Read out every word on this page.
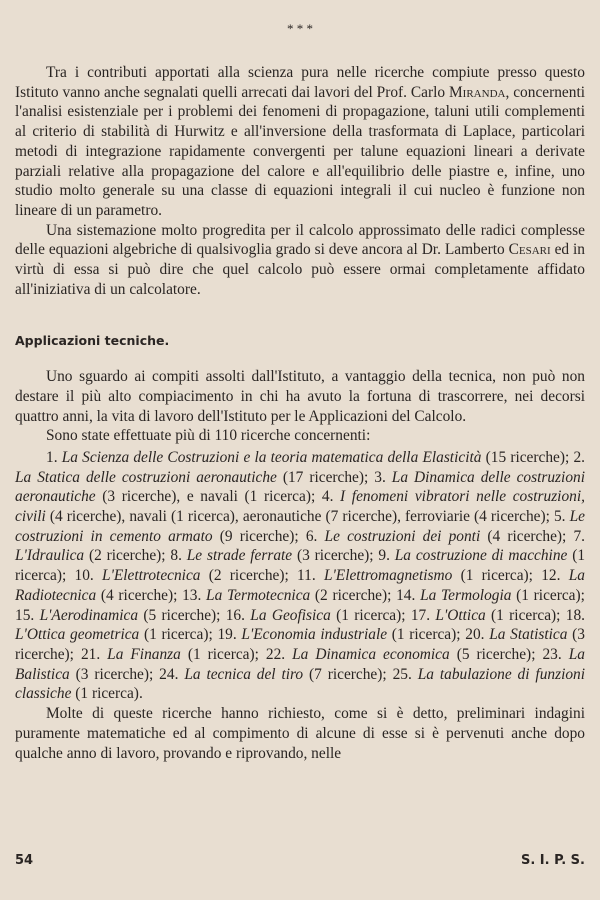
* * *

Tra i contributi apportati alla scienza pura nelle ricerche compiute presso questo Istituto vanno anche segnalati quelli arrecati dai lavori del Prof. Carlo Miranda, concernenti l'analisi esistenziale per i problemi dei fenomeni di propagazione, taluni utili complementi al criterio di stabilità di Hurwitz e all'inversione della trasformata di Laplace, particolari metodi di integrazione rapidamente convergenti per talune equazioni lineari a derivate parziali relative alla propagazione del calore e all'equilibrio delle piastre e, infine, uno studio molto generale su una classe di equazioni integrali il cui nucleo è funzione non lineare di un parametro.

Una sistemazione molto progredita per il calcolo approssimato delle radici complesse delle equazioni algebriche di qualsivoglia grado si deve ancora al Dr. Lamberto Cesari ed in virtù di essa si può dire che quel calcolo può essere ormai completamente affidato all'iniziativa di un calcolatore.

Applicazioni tecniche.

Uno sguardo ai compiti assolti dall'Istituto, a vantaggio della tecnica, non può non destare il più alto compiacimento in chi ha avuto la fortuna di trascorrere, nei decorsi quattro anni, la vita di lavoro dell'Istituto per le Applicazioni del Calcolo.

Sono state effettuate più di 110 ricerche concernenti:

1. La Scienza delle Costruzioni e la teoria matematica della Elasticità (15 ricerche); 2. La Statica delle costruzioni aeronautiche (17 ricerche); 3. La Dinamica delle costruzioni aeronautiche (3 ricerche), e navali (1 ricerca); 4. I fenomeni vibratori nelle costruzioni, civili (4 ricerche), navali (1 ricerca), aeronautiche (7 ricerche), ferroviarie (4 ricerche); 5. Le costruzioni in cemento armato (9 ricerche); 6. Le costruzioni dei ponti (4 ricerche); 7. L'Idraulica (2 ricerche); 8. Le strade ferrate (3 ricerche); 9. La costruzione di macchine (1 ricerca); 10. L'Elettrotecnica (2 ricerche); 11. L'Elettromagnetismo (1 ricerca); 12. La Radiotecnica (4 ricerche); 13. La Termotecnica (2 ricerche); 14. La Termologia (1 ricerca); 15. L'Aerodinamica (5 ricerche); 16. La Geofisica (1 ricerca); 17. L'Ottica (1 ricerca); 18. L'Ottica geometrica (1 ricerca); 19. L'Economia industriale (1 ricerca); 20. La Statistica (3 ricerche); 21. La Finanza (1 ricerca); 22. La Dinamica economica (5 ricerche); 23. La Balistica (3 ricerche); 24. La tecnica del tiro (7 ricerche); 25. La tabulazione di funzioni classiche (1 ricerca).

Molte di queste ricerche hanno richiesto, come si è detto, preliminari indagini puramente matematiche ed al compimento di alcune di esse si è pervenuti anche dopo qualche anno di lavoro, provando e riprovando, nelle

54	S. I. P. S.
